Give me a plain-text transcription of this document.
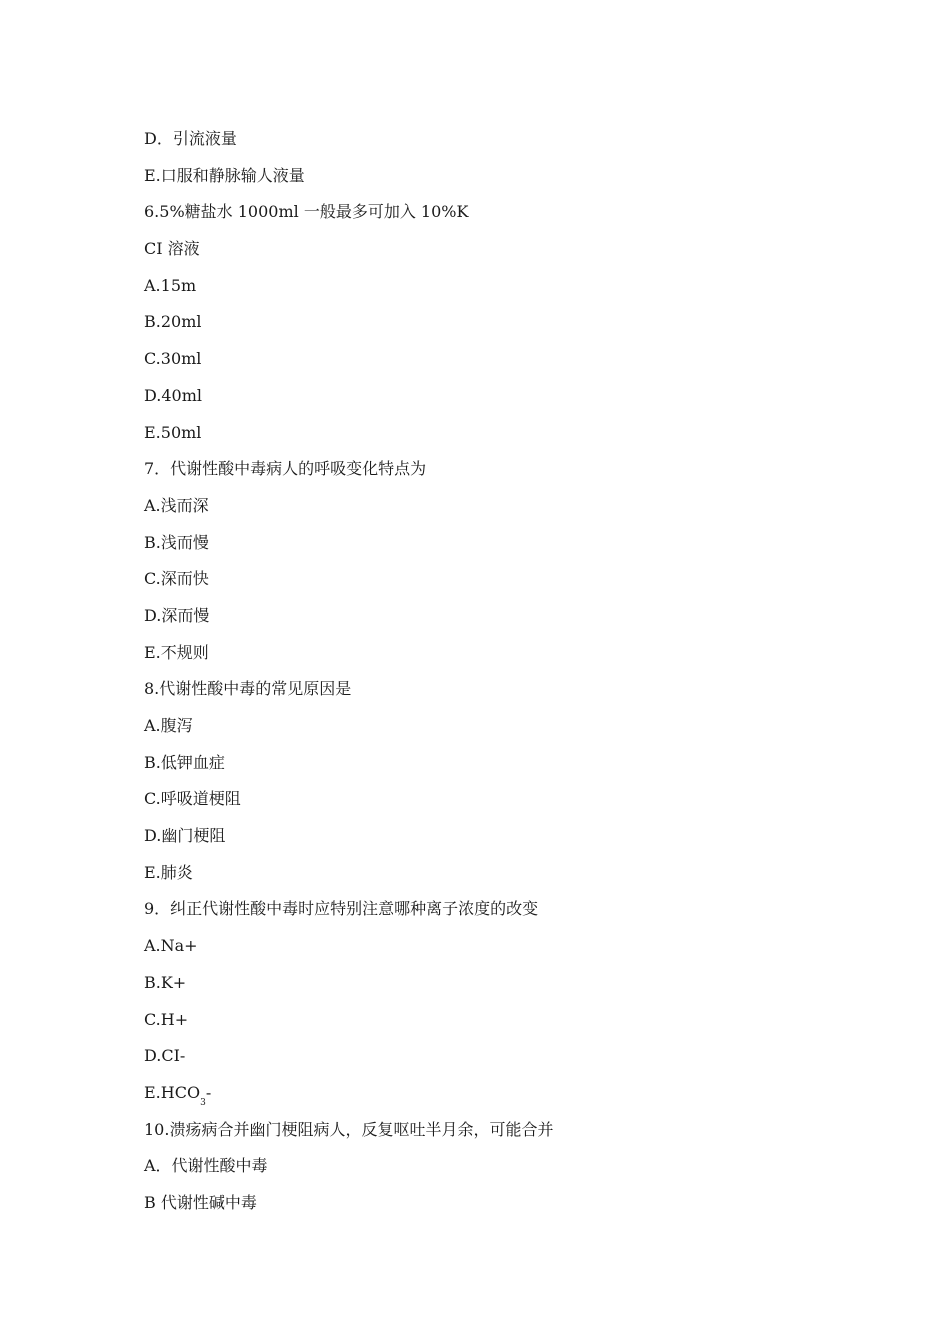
D．引流液量
E.口服和静脉输人液量
6.5%糖盐水 1000ml 一般最多可加入 10%K
CI 溶液
A.15m
B.20ml
C.30ml
D.40ml
E.50ml
7．代谢性酸中毒病人的呼吸变化特点为
A.浅而深
B.浅而慢
C.深而快
D.深而慢
E.不规则
8.代谢性酸中毒的常见原因是
A.腹泻
B.低钾血症
C.呼吸道梗阻
D.幽门梗阻
E.肺炎
9．纠正代谢性酸中毒时应特别注意哪种离子浓度的改变
A.Na+
B.K+
C.H+
D.CI-
$E.HCO_3-$
10.溃疡病合并幽门梗阻病人，反复呕吐半月余，可能合并
A．代谢性酸中毒
B 代谢性碱中毒
